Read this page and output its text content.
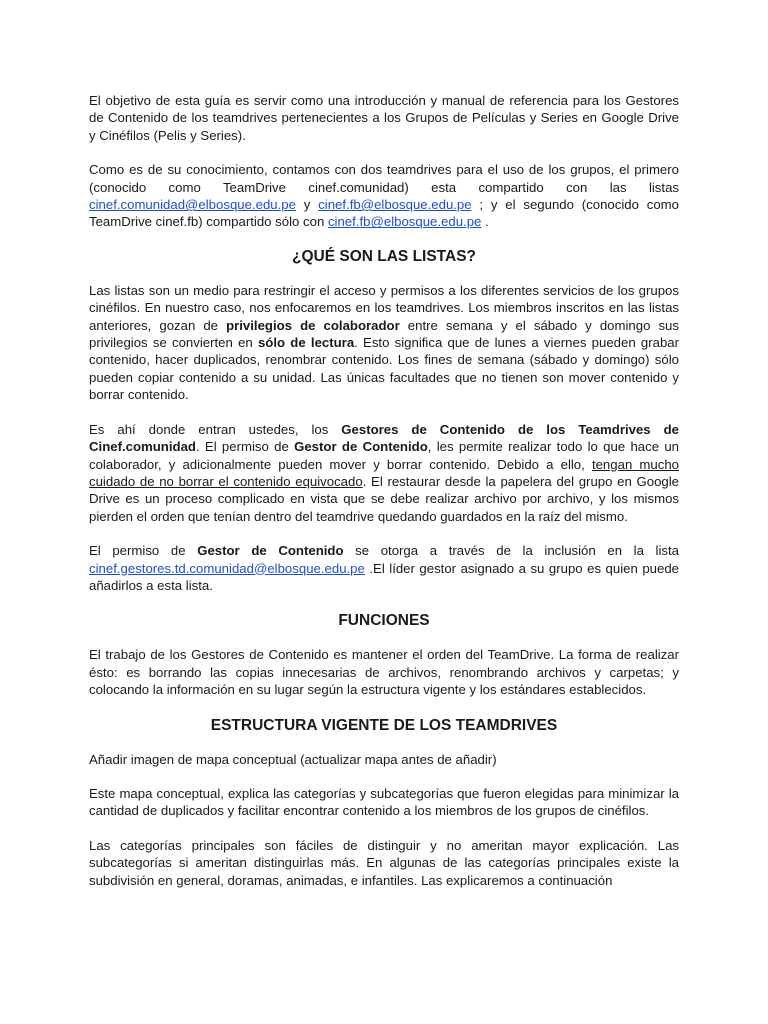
El objetivo de esta guía es servir como una introducción y manual de referencia para los Gestores de Contenido de los teamdrives pertenecientes a los Grupos de Películas y Series en Google Drive y Cinéfilos (Pelis y Series).

Como es de su conocimiento, contamos con dos teamdrives para el uso de los grupos, el primero (conocido como TeamDrive cinef.comunidad) esta compartido con las listas cinef.comunidad@elbosque.edu.pe y cinef.fb@elbosque.edu.pe ; y el segundo (conocido como TeamDrive cinef.fb) compartido sólo con cinef.fb@elbosque.edu.pe .

¿QUÉ SON LAS LISTAS?

Las listas son un medio para restringir el acceso y permisos a los diferentes servicios de los grupos cinéfilos. En nuestro caso, nos enfocaremos en los teamdrives. Los miembros inscritos en las listas anteriores, gozan de privilegios de colaborador entre semana y el sábado y domingo sus privilegios se convierten en sólo de lectura. Esto significa que de lunes a viernes pueden grabar contenido, hacer duplicados, renombrar contenido. Los fines de semana (sábado y domingo) sólo pueden copiar contenido a su unidad. Las únicas facultades que no tienen son mover contenido y borrar contenido.

Es ahí donde entran ustedes, los Gestores de Contenido de los Teamdrives de Cinef.comunidad. El permiso de Gestor de Contenido, les permite realizar todo lo que hace un colaborador, y adicionalmente pueden mover y borrar contenido. Debido a ello, tengan mucho cuidado de no borrar el contenido equivocado. El restaurar desde la papelera del grupo en Google Drive es un proceso complicado en vista que se debe realizar archivo por archivo, y los mismos pierden el orden que tenían dentro del teamdrive quedando guardados en la raíz del mismo.

El permiso de Gestor de Contenido se otorga a través de la inclusión en la lista cinef.gestores.td.comunidad@elbosque.edu.pe .El líder gestor asignado a su grupo es quien puede añadirlos a esta lista.

FUNCIONES

El trabajo de los Gestores de Contenido es mantener el orden del TeamDrive. La forma de realizar ésto: es borrando las copias innecesarias de archivos, renombrando archivos y carpetas; y colocando la información en su lugar según la estructura vigente y los estándares establecidos.

ESTRUCTURA VIGENTE DE LOS TEAMDRIVES

Añadir imagen de mapa conceptual (actualizar mapa antes de añadir)

Este mapa conceptual, explica las categorías y subcategorías que fueron elegidas para minimizar la cantidad de duplicados y facilitar encontrar contenido a los miembros de los grupos de cinéfilos.

Las categorías principales son fáciles de distinguir y no ameritan mayor explicación. Las subcategorías si ameritan distinguirlas más. En algunas de las categorías principales existe la subdivisión en general, doramas, animadas, e infantiles. Las explicaremos a continuación
